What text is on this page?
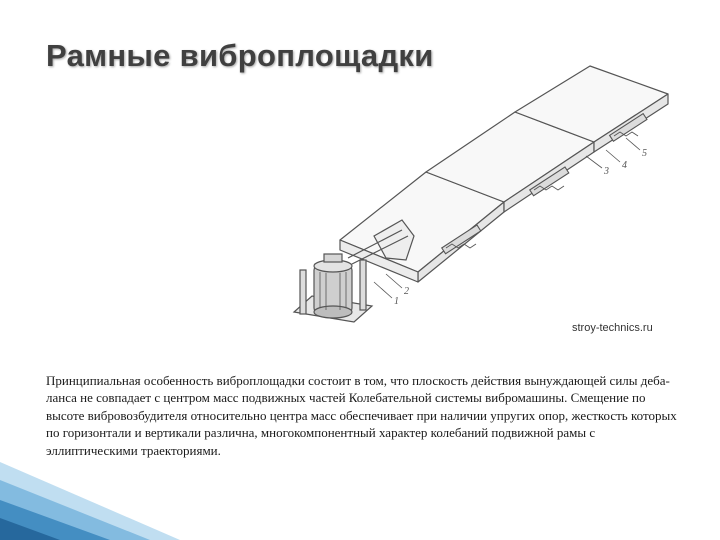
Рамные виброплощадки
1
2
3
4
5
stroy-technics.ru
Принципиальная особенность виброплощадки состоит в том, что плоскость действия вынуждающей силы деба-ланса не совпадает с центром масс подвижных частей Колебательной системы вибромашины. Смещение по высоте вибровозбудителя относительно центра масс обеспечивает при наличии упругих опор, жесткость которых по горизонтали и вертикали различна, многокомпонентный характер колебаний подвижной рамы с эллиптическими траекториями.
